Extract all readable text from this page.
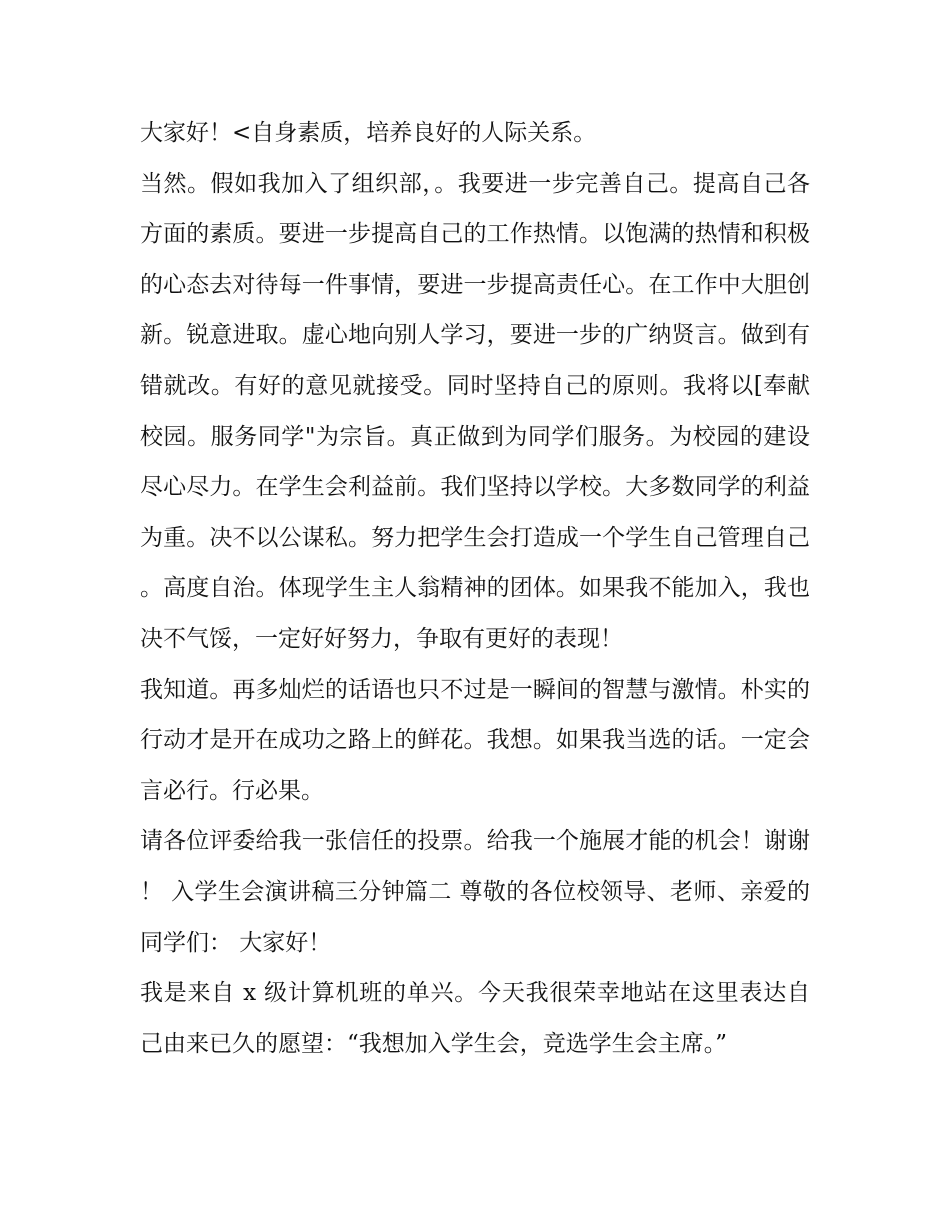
大家好！<自身素质，培养良好的人际关系。

当然。假如我加入了组织部，。我要进一步完善自己。提高自己各方面的素质。要进一步提高自己的工作热情。以饱满的热情和积极的心态去对待每一件事情，要进一步提高责任心。在工作中大胆创新。锐意进取。虚心地向别人学习，要进一步的广纳贤言。做到有错就改。有好的意见就接受。同时坚持自己的原则。我将以[奉献校园。服务同学"为宗旨。真正做到为同学们服务。为校园的建设尽心尽力。在学生会利益前。我们坚持以学校。大多数同学的利益为重。决不以公谋私。努力把学生会打造成一个学生自己管理自己。高度自治。体现学生主人翁精神的团体。如果我不能加入，我也决不气馁，一定好好努力，争取有更好的表现！

我知道。再多灿烂的话语也只不过是一瞬间的智慧与激情。朴实的行动才是开在成功之路上的鲜花。我想。如果我当选的话。一定会言必行。行必果。

请各位评委给我一张信任的投票。给我一个施展才能的机会！谢谢！ 入学生会演讲稿三分钟篇二 尊敬的各位校领导、老师、亲爱的同学们： 大家好！

我是来自 x 级计算机班的单兴。今天我很荣幸地站在这里表达自己由来已久的愿望：“我想加入学生会，竞选学生会主席。”
